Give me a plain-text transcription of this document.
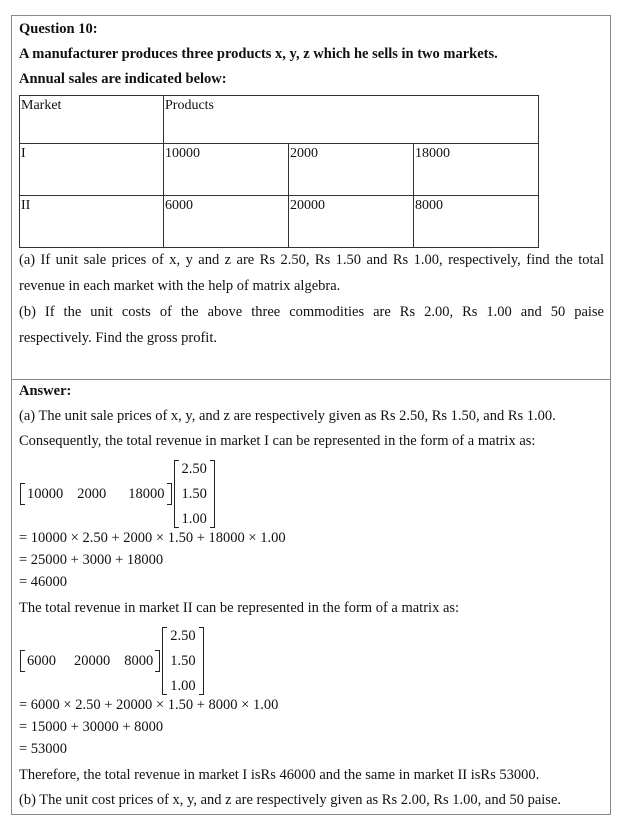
Question 10:
A manufacturer produces three products x, y, z which he sells in two markets.
Annual sales are indicated below:
Market	Products		
I	10000	2000	18000
II	6000	20000	8000
(a) If unit sale prices of x, y and z are Rs 2.50, Rs 1.50 and Rs 1.00, respectively, find the total
revenue in each market with the help of matrix algebra.
(b) If the unit costs of the above three commodities are Rs 2.00, Rs 1.00 and 50 paise
respectively. Find the gross profit.
Answer:
(a) The unit sale prices of x, y, and z are respectively given as Rs 2.50, Rs 1.50, and Rs 1.00.
Consequently, the total revenue in market I can be represented in the form of a matrix as:
10000 2000 18000
2.50
1.50
1.00
= 10000 × 2.50 + 2000 × 1.50 + 18000 × 1.00
= 25000 + 3000 + 18000
= 46000
The total revenue in market II can be represented in the form of a matrix as:
6000 20000 8000
2.50
1.50
1.00
= 6000 × 2.50 + 20000 × 1.50 + 8000 × 1.00
= 15000 + 30000 + 8000
= 53000
Therefore, the total revenue in market I isRs 46000 and the same in market II isRs 53000.
(b) The unit cost prices of x, y, and z are respectively given as Rs 2.00, Rs 1.00, and 50 paise.
